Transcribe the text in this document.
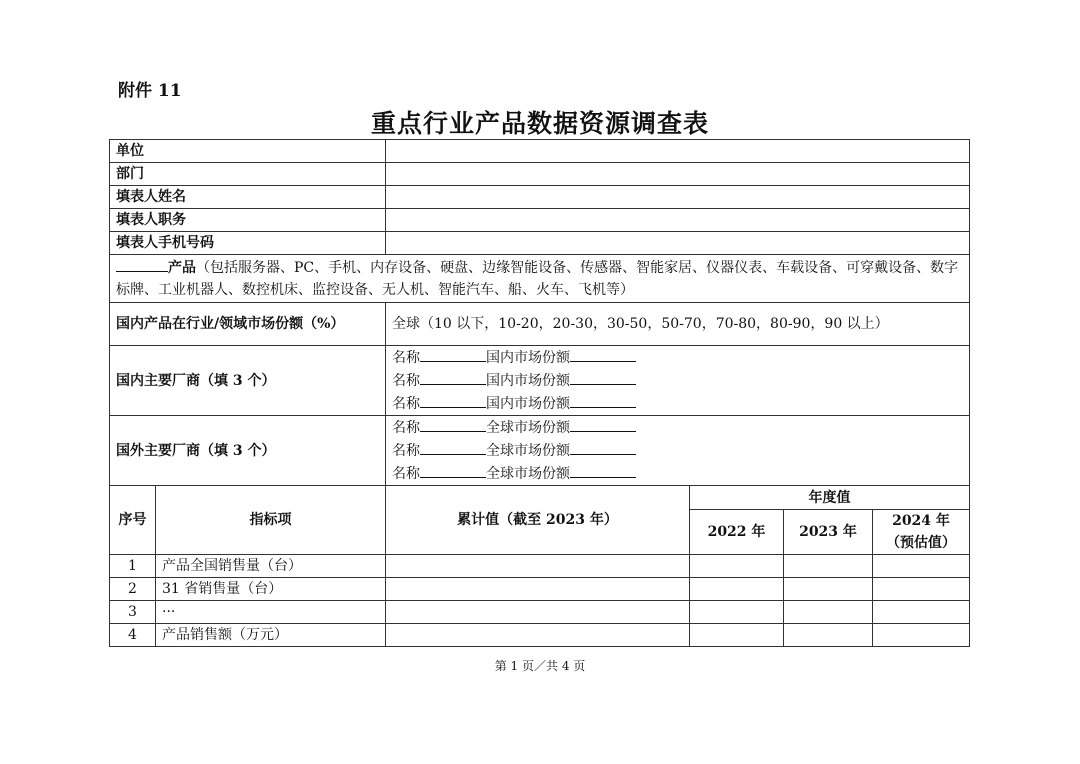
附件 11
重点行业产品数据资源调查表
单位					
部门					
填表人姓名					
填表人职务					
填表人手机号码					
产品（包括服务器、PC、手机、内存设备、硬盘、边缘智能设备、传感器、智能家居、仪器仪表、车载设备、可穿戴设备、数字标牌、工业机器人、数控机床、监控设备、无人机、智能汽车、船、火车、飞机等）					
国内产品在行业/领域市场份额（%）		全球（10 以下，10-20，20-30，30-50，50-70，70-80，80-90，90 以上）			
国内主要厂商（填 3 个）		名称 国内市场份额
名称 国内市场份额
名称 国内市场份额			

国外主要厂商（填 3 个）		名称 全球市场份额
名称 全球市场份额
名称 全球市场份额			

序号	指标项	累计值（截至 2023 年）	年度值		
			2022 年	2023 年	2024 年
（预估值）

1	产品全国销售量（台）				
2	31 省销售量（台）				
3	···				
4	产品销售额（万元）				
第 1 页／共 4 页
